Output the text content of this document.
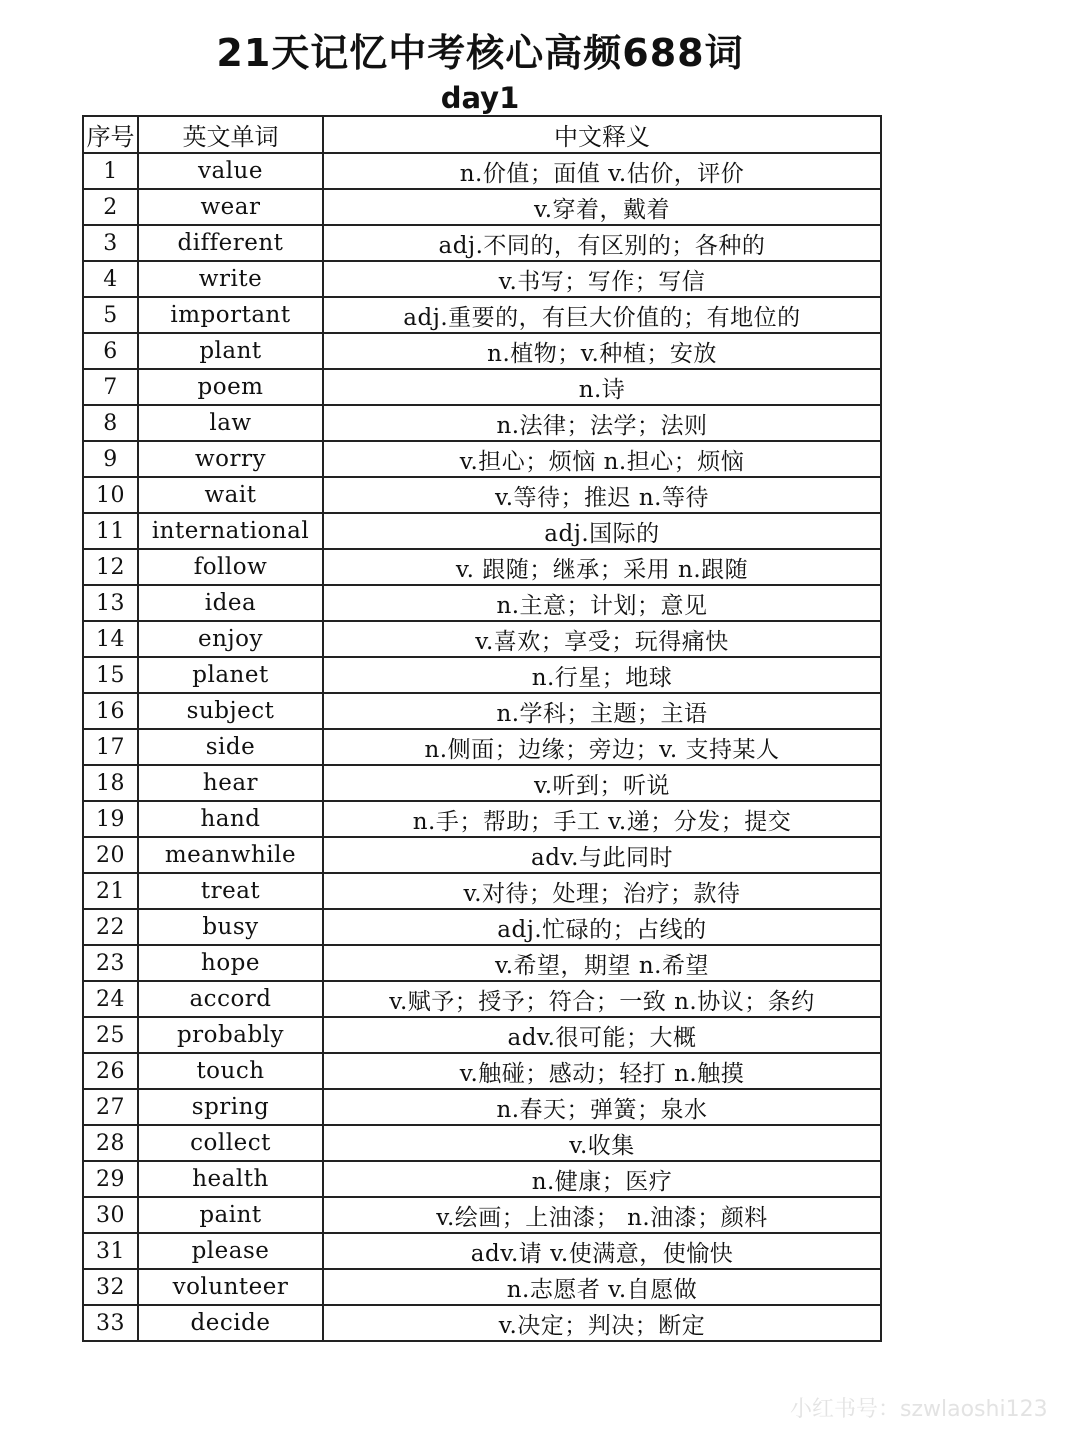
21天记忆中考核心高频688词
day1
序号	英文单词	中文释义
1	value	n.价值；面值 v.估价，评价
2	wear	v.穿着，戴着
3	different	adj.不同的，有区别的；各种的
4	write	v.书写；写作；写信
5	important	adj.重要的，有巨大价值的；有地位的
6	plant	n.植物；v.种植；安放
7	poem	n.诗
8	law	n.法律；法学；法则
9	worry	v.担心；烦恼 n.担心；烦恼
10	wait	v.等待；推迟 n.等待
11	international	adj.国际的
12	follow	v. 跟随；继承；采用 n.跟随
13	idea	n.主意；计划；意见
14	enjoy	v.喜欢；享受；玩得痛快
15	planet	n.行星；地球
16	subject	n.学科；主题；主语
17	side	n.侧面；边缘；旁边；v. 支持某人
18	hear	v.听到；听说
19	hand	n.手；帮助；手工 v.递；分发；提交
20	meanwhile	adv.与此同时
21	treat	v.对待；处理；治疗；款待
22	busy	adj.忙碌的；占线的
23	hope	v.希望，期望 n.希望
24	accord	v.赋予；授予；符合；一致 n.协议；条约
25	probably	adv.很可能；大概
26	touch	v.触碰；感动；轻打 n.触摸
27	spring	n.春天；弹簧；泉水
28	collect	v.收集
29	health	n.健康；医疗
30	paint	v.绘画；上油漆； n.油漆；颜料
31	please	adv.请 v.使满意，使愉快
32	volunteer	n.志愿者 v.自愿做
33	decide	v.决定；判决；断定
小红书号：szwlaoshi123
